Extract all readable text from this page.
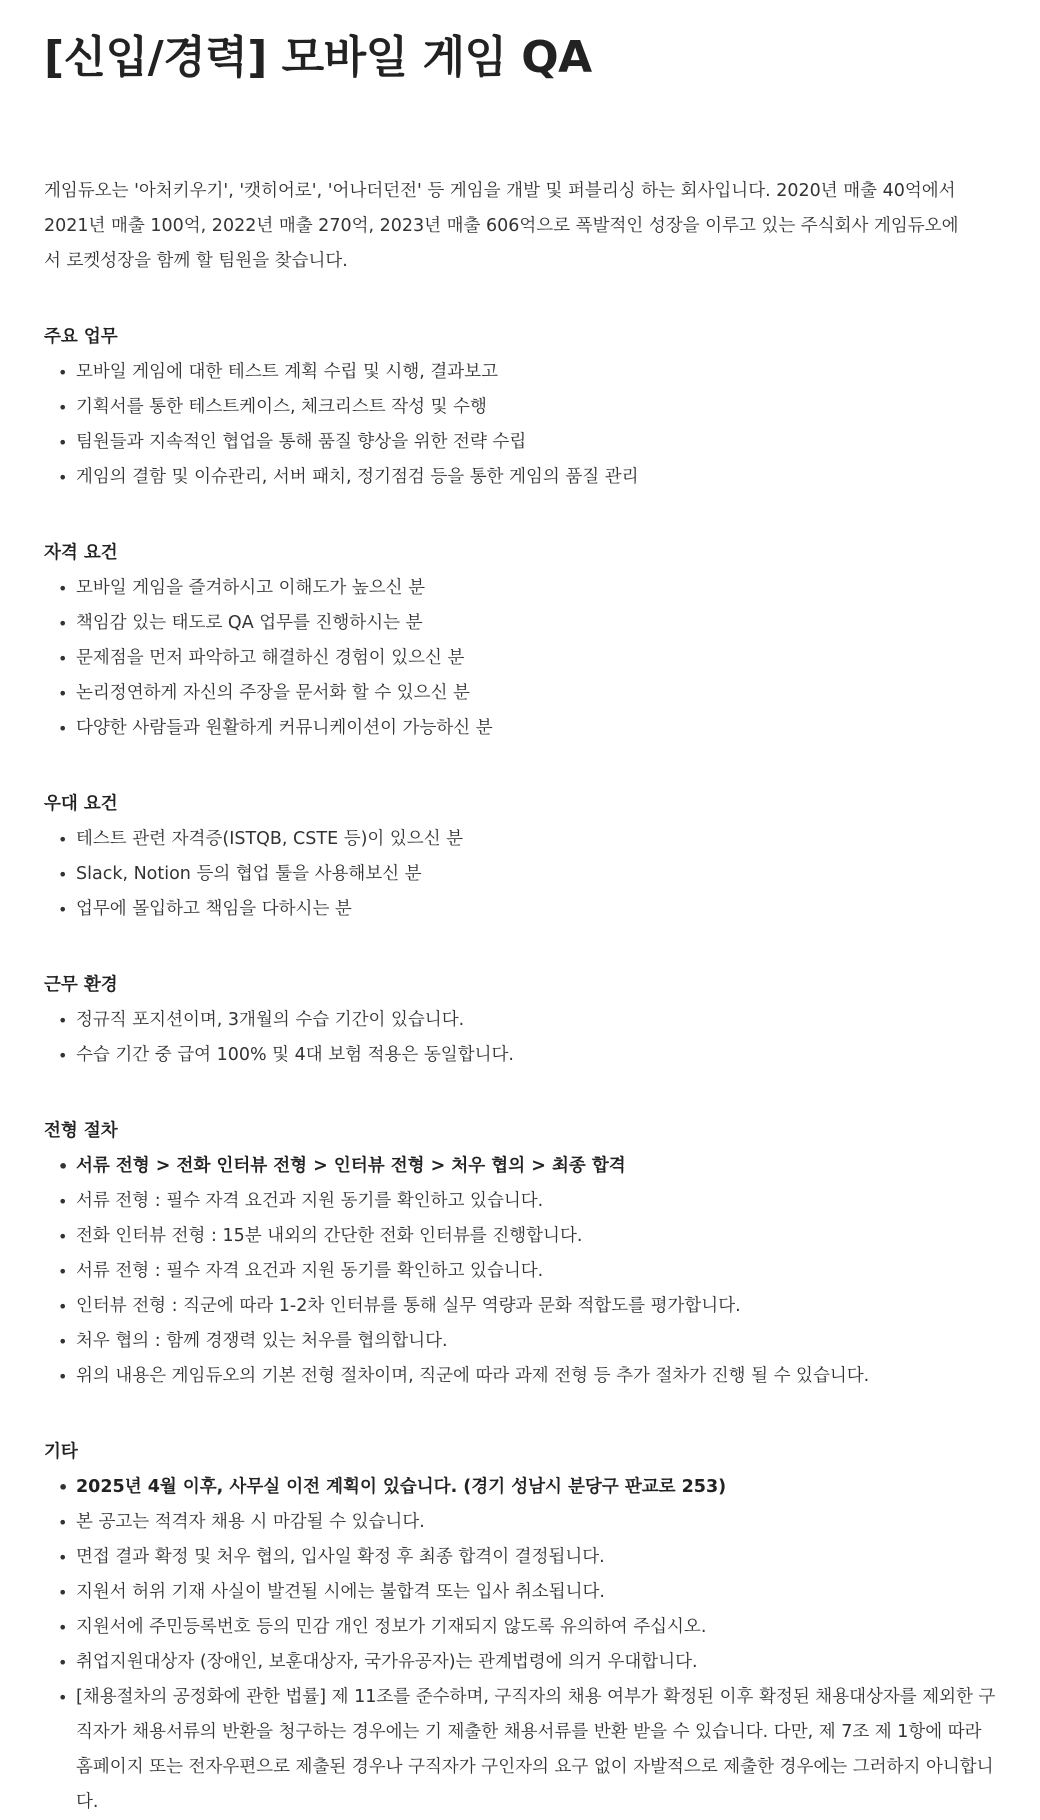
[신입/경력] 모바일 게임 QA

게임듀오는 '아처키우기', '캣히어로', '어나더던전' 등 게임을 개발 및 퍼블리싱 하는 회사입니다. 2020년 매출 40억에서 2021년 매출 100억, 2022년 매출 270억, 2023년 매출 606억으로 폭발적인 성장을 이루고 있는 주식회사 게임듀오에서 로켓성장을 함께 할 팀원을 찾습니다.

주요 업무
• 모바일 게임에 대한 테스트 계획 수립 및 시행, 결과보고
• 기획서를 통한 테스트케이스, 체크리스트 작성 및 수행
• 팀원들과 지속적인 협업을 통해 품질 향상을 위한 전략 수립
• 게임의 결함 및 이슈관리, 서버 패치, 정기점검 등을 통한 게임의 품질 관리
자격 요건
• 모바일 게임을 즐겨하시고 이해도가 높으신 분
• 책임감 있는 태도로 QA 업무를 진행하시는 분
• 문제점을 먼저 파악하고 해결하신 경험이 있으신 분
• 논리정연하게 자신의 주장을 문서화 할 수 있으신 분
• 다양한 사람들과 원활하게 커뮤니케이션이 가능하신 분
우대 요건
• 테스트 관련 자격증(ISTQB, CSTE 등)이 있으신 분
• Slack, Notion 등의 협업 툴을 사용해보신 분
• 업무에 몰입하고 책임을 다하시는 분
근무 환경
• 정규직 포지션이며, 3개월의 수습 기간이 있습니다.
• 수습 기간 중 급여 100% 및 4대 보험 적용은 동일합니다.
전형 절차
• 서류 전형 > 전화 인터뷰 전형 > 인터뷰 전형 > 처우 협의 > 최종 합격
• 서류 전형 : 필수 자격 요건과 지원 동기를 확인하고 있습니다.
• 전화 인터뷰 전형 : 15분 내외의 간단한 전화 인터뷰를 진행합니다.
• 서류 전형 : 필수 자격 요건과 지원 동기를 확인하고 있습니다.
• 인터뷰 전형 : 직군에 따라 1-2차 인터뷰를 통해 실무 역량과 문화 적합도를 평가합니다.
• 처우 협의 : 함께 경쟁력 있는 처우를 협의합니다.
• 위의 내용은 게임듀오의 기본 전형 절차이며, 직군에 따라 과제 전형 등 추가 절차가 진행 될 수 있습니다.
기타
• 2025년 4월 이후, 사무실 이전 계획이 있습니다. (경기 성남시 분당구 판교로 253)
• 본 공고는 적격자 채용 시 마감될 수 있습니다.
• 면접 결과 확정 및 처우 협의, 입사일 확정 후 최종 합격이 결정됩니다.
• 지원서 허위 기재 사실이 발견될 시에는 불합격 또는 입사 취소됩니다.
• 지원서에 주민등록번호 등의 민감 개인 정보가 기재되지 않도록 유의하여 주십시오.
• 취업지원대상자 (장애인, 보훈대상자, 국가유공자)는 관계법령에 의거 우대합니다.
• [채용절차의 공정화에 관한 법률] 제 11조를 준수하며, 구직자의 채용 여부가 확정된 이후 확정된 채용대상자를 제외한 구직자가 채용서류의 반환을 청구하는 경우에는 기 제출한 채용서류를 반환 받을 수 있습니다. 다만, 제 7조 제 1항에 따라 홈페이지 또는 전자우편으로 제출된 경우나 구직자가 구인자의 요구 없이 자발적으로 제출한 경우에는 그러하지 아니합니다.
